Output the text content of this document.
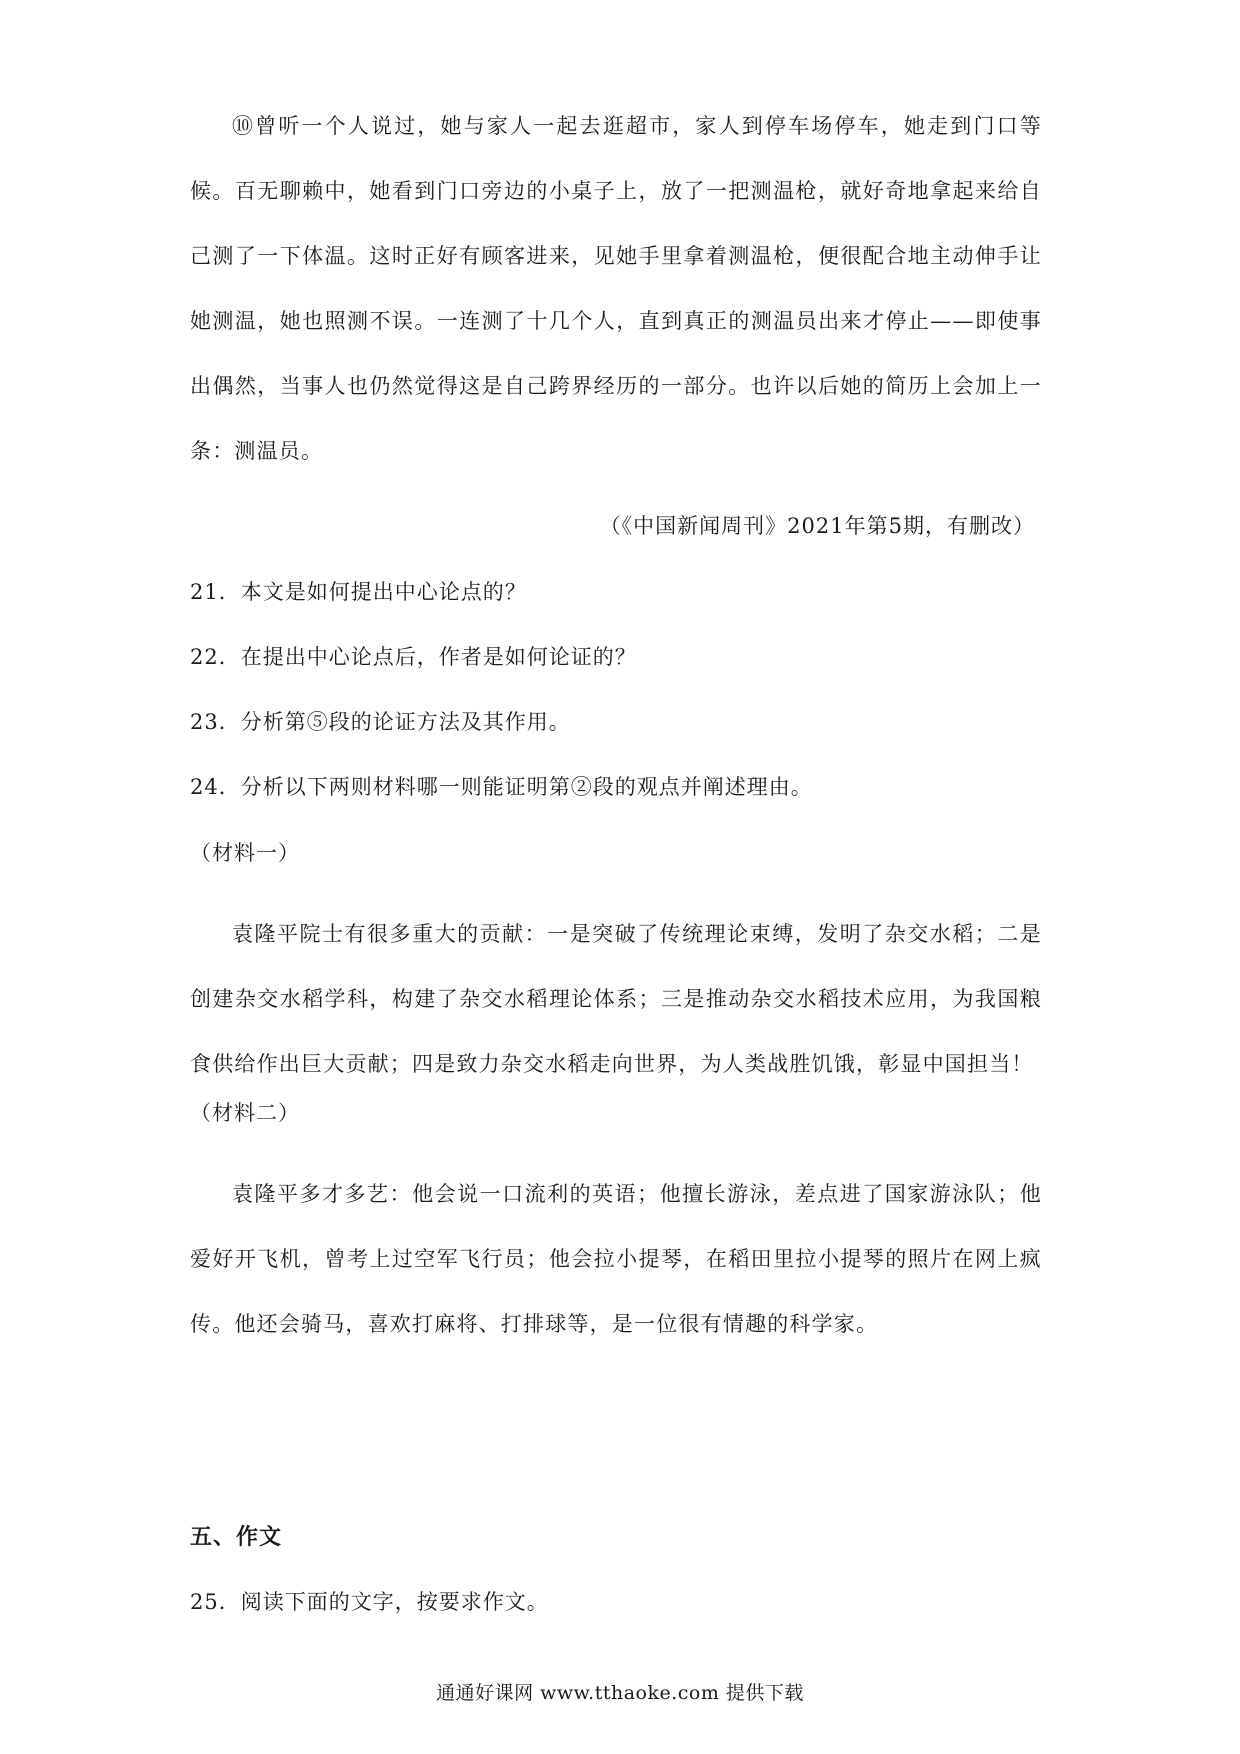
⑩曾听一个人说过，她与家人一起去逛超市，家人到停车场停车，她走到门口等候。百无聊赖中，她看到门口旁边的小桌子上，放了一把测温枪，就好奇地拿起来给自己测了一下体温。这时正好有顾客进来，见她手里拿着测温枪，便很配合地主动伸手让她测温，她也照测不误。一连测了十几个人，直到真正的测温员出来才停止——即使事出偶然，当事人也仍然觉得这是自己跨界经历的一部分。也许以后她的简历上会加上一条：测温员。

（《中国新闻周刊》2021年第5期，有删改）

21．本文是如何提出中心论点的？

22．在提出中心论点后，作者是如何论证的？

23．分析第⑤段的论证方法及其作用。

24．分析以下两则材料哪一则能证明第②段的观点并阐述理由。

（材料一）

袁隆平院士有很多重大的贡献：一是突破了传统理论束缚，发明了杂交水稻；二是创建杂交水稻学科，构建了杂交水稻理论体系；三是推动杂交水稻技术应用，为我国粮食供给作出巨大贡献；四是致力杂交水稻走向世界，为人类战胜饥饿，彰显中国担当！

（材料二）

袁隆平多才多艺：他会说一口流利的英语；他擅长游泳，差点进了国家游泳队；他爱好开飞机，曾考上过空军飞行员；他会拉小提琴，在稻田里拉小提琴的照片在网上疯传。他还会骑马，喜欢打麻将、打排球等，是一位很有情趣的科学家。

五、作文

25．阅读下面的文字，按要求作文。

通通好课网 www.tthaoke.com 提供下载
